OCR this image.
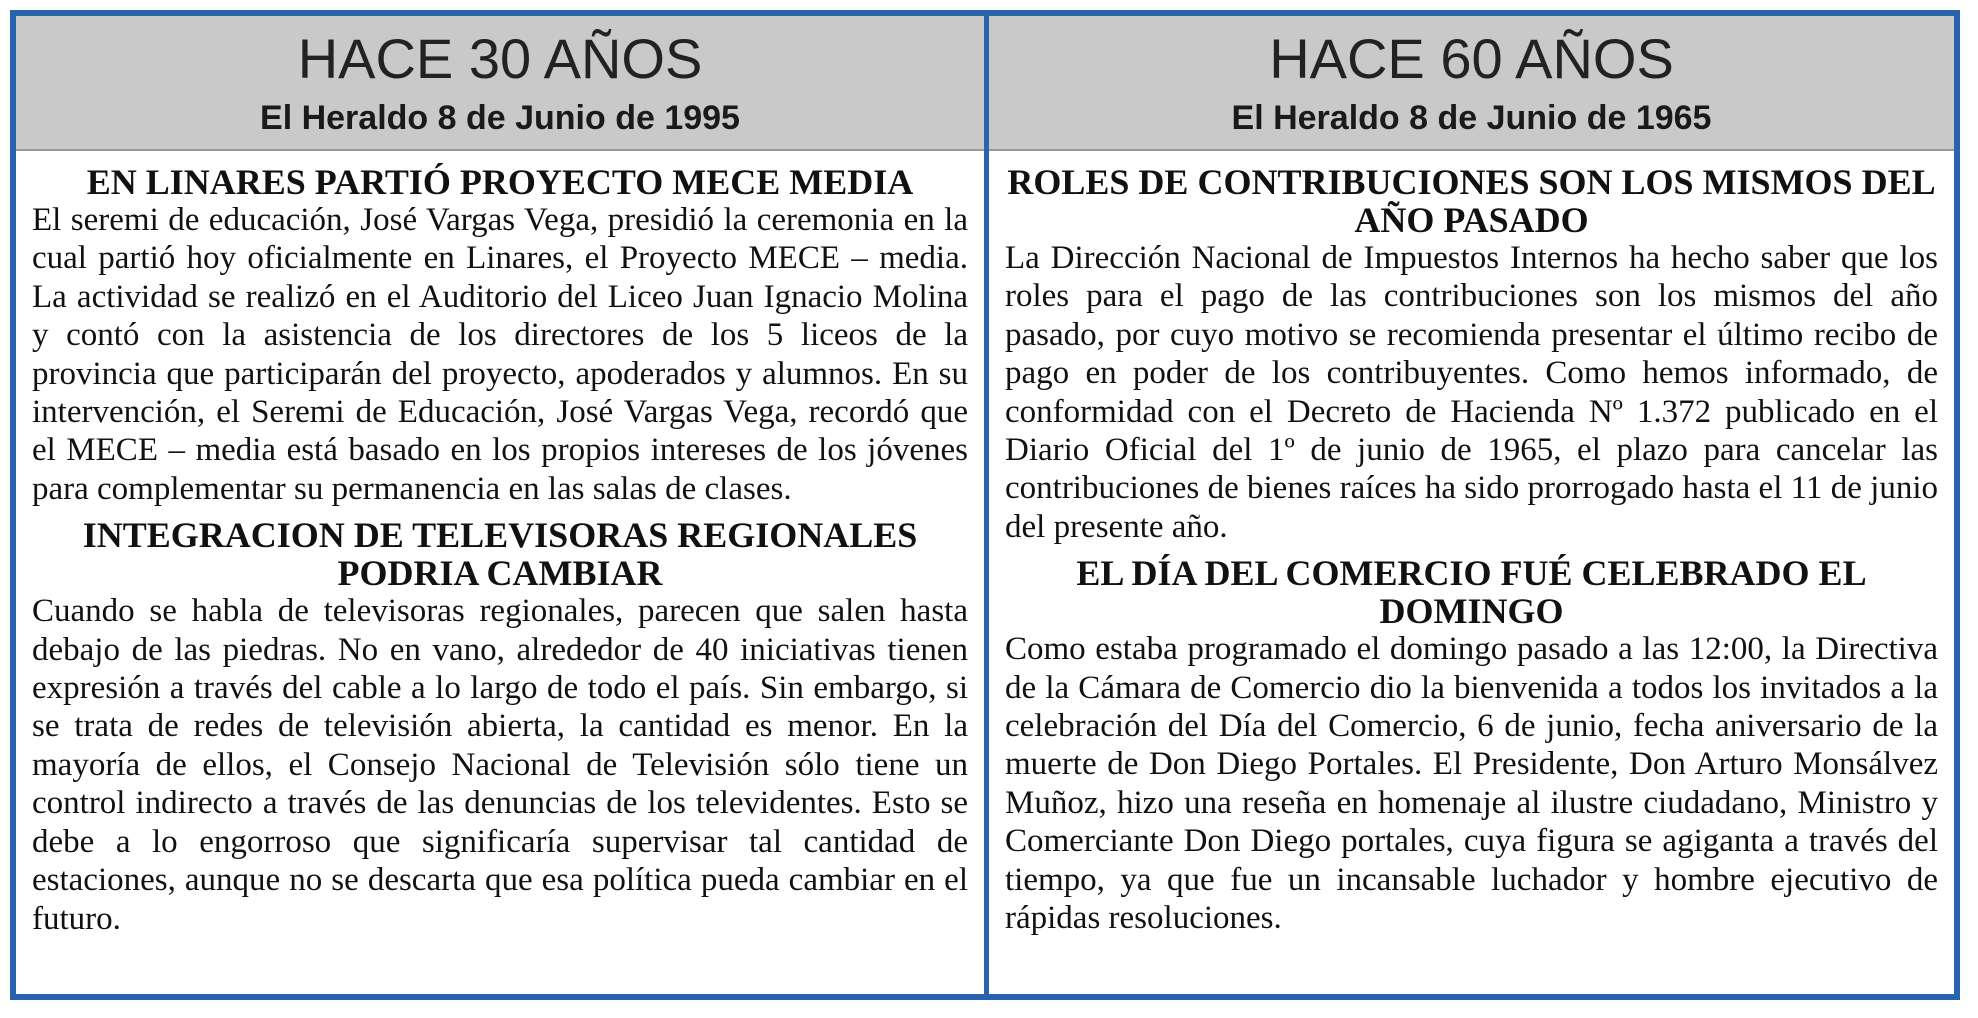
HACE 30 AÑOS
El Heraldo 8 de Junio de 1995
EN LINARES PARTIÓ PROYECTO MECE MEDIA

El seremi de educación, José Vargas Vega, presidió la ceremonia en la cual partió hoy oficialmente en Linares, el Proyecto MECE – media. La actividad se realizó en el Auditorio del Liceo Juan Ignacio Molina y contó con la asistencia de los directores de los 5 liceos de la provincia que participarán del proyecto, apoderados y alumnos. En su intervención, el Seremi de Educación, José Vargas Vega, recordó que el MECE – media está basado en los propios intereses de los jóvenes para complementar su permanencia en las salas de clases.

INTEGRACION DE TELEVISORAS REGIONALES PODRIA CAMBIAR

Cuando se habla de televisoras regionales, parecen que salen hasta debajo de las piedras. No en vano, alrededor de 40 iniciativas tienen expresión a través del cable a lo largo de todo el país. Sin embargo, si se trata de redes de televisión abierta, la cantidad es menor. En la mayoría de ellos, el Consejo Nacional de Televisión sólo tiene un control indirecto a través de las denuncias de los televidentes. Esto se debe a lo engorroso que significaría supervisar tal cantidad de estaciones, aunque no se descarta que esa política pueda cambiar en el futuro.

HACE 60 AÑOS
El Heraldo 8 de Junio de 1965
ROLES DE CONTRIBUCIONES SON LOS MISMOS DEL AÑO PASADO

La Dirección Nacional de Impuestos Internos ha hecho saber que los roles para el pago de las contribuciones son los mismos del año pasado, por cuyo motivo se recomienda presentar el último recibo de pago en poder de los contribuyentes. Como hemos informado, de conformidad con el Decreto de Hacienda Nº 1.372 publicado en el Diario Oficial del 1º de junio de 1965, el plazo para cancelar las contribuciones de bienes raíces ha sido prorrogado hasta el 11 de junio del presente año.

EL DÍA DEL COMERCIO FUÉ CELEBRADO EL DOMINGO

Como estaba programado el domingo pasado a las 12:00, la Directiva de la Cámara de Comercio dio la bienvenida a todos los invitados a la celebración del Día del Comercio, 6 de junio, fecha aniversario de la muerte de Don Diego Portales. El Presidente, Don Arturo Monsálvez Muñoz, hizo una reseña en homenaje al ilustre ciudadano, Ministro y Comerciante Don Diego portales, cuya figura se agiganta a través del tiempo, ya que fue un incansable luchador y hombre ejecutivo de rápidas resoluciones.
